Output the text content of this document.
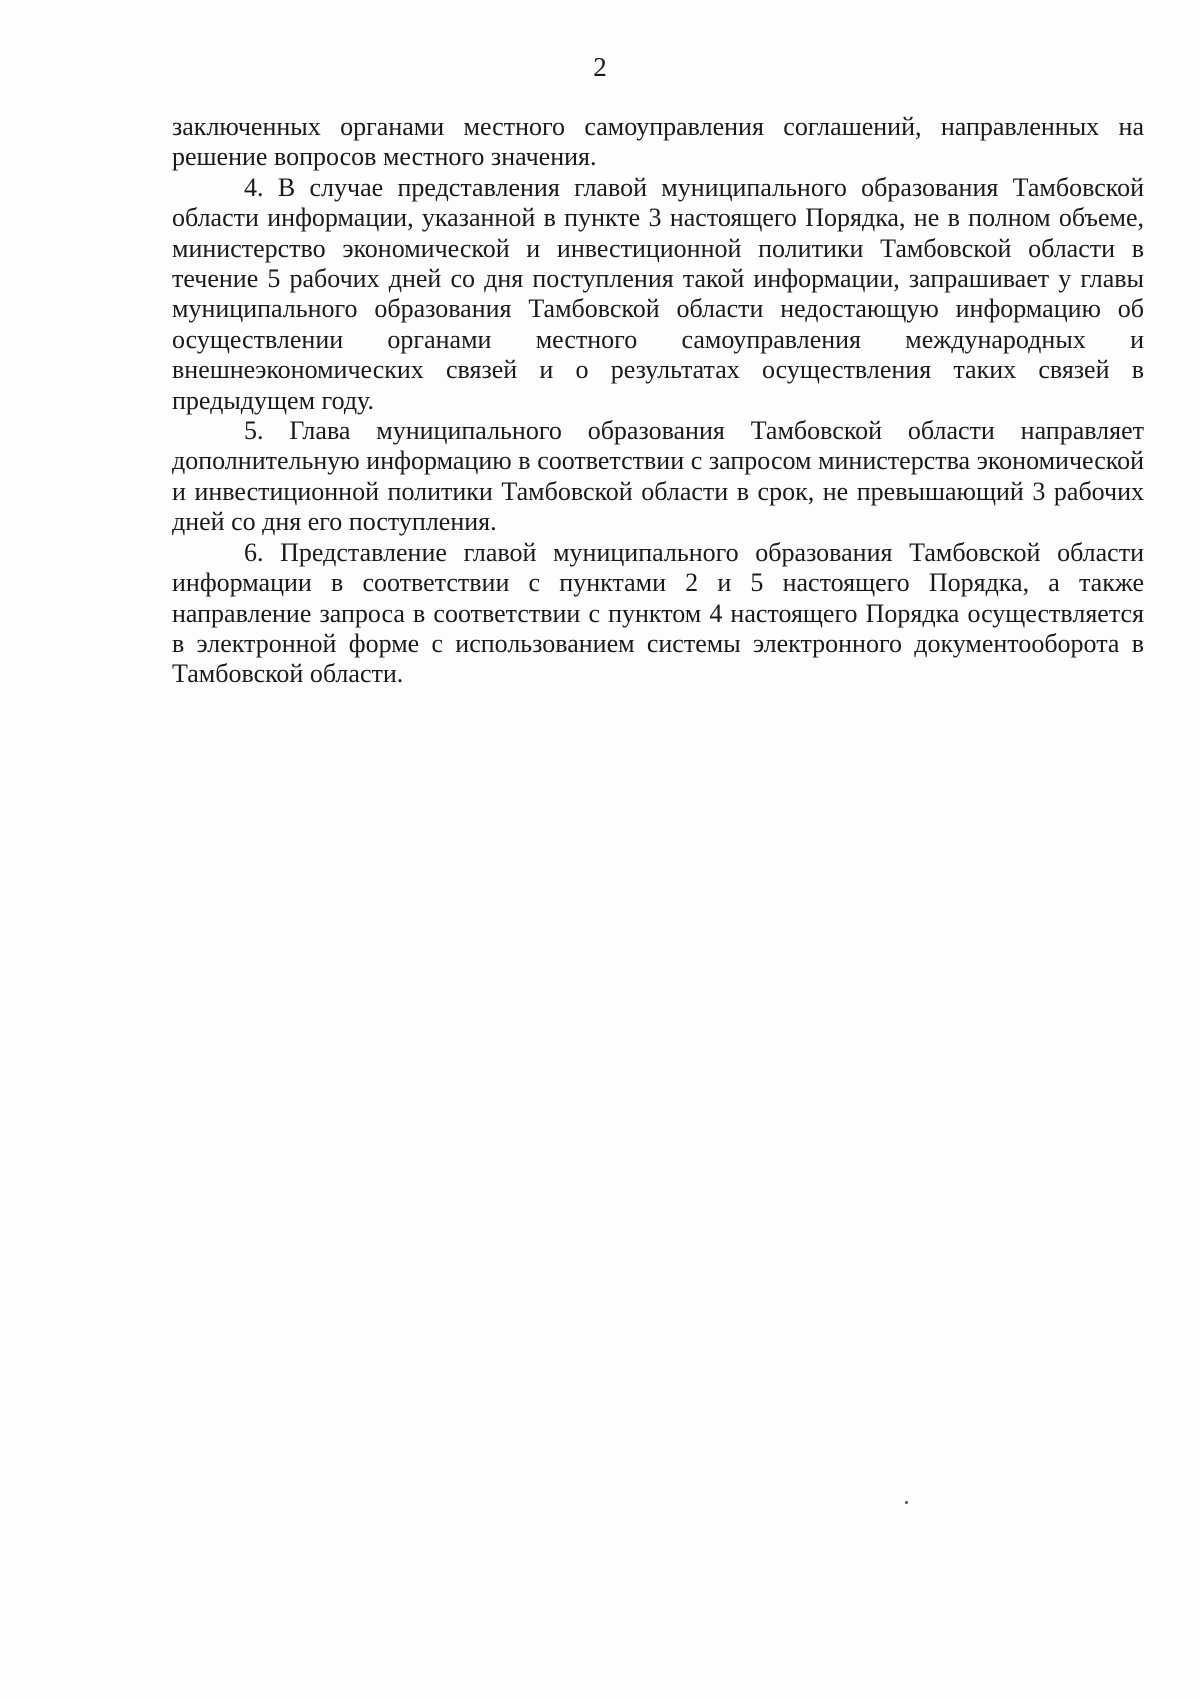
2

заключенных органами местного самоуправления соглашений, направленных на решение вопросов местного значения.

4. В случае представления главой муниципального образования Тамбовской области информации, указанной в пункте 3 настоящего Порядка, не в полном объеме, министерство экономической и инвестиционной политики Тамбовской области в течение 5 рабочих дней со дня поступления такой информации, запрашивает у главы муниципального образования Тамбовской области недостающую информацию об осуществлении органами местного самоуправления международных и внешнеэкономических связей и о результатах осуществления таких связей в предыдущем году.

5. Глава муниципального образования Тамбовской области направляет дополнительную информацию в соответствии с запросом министерства экономической и инвестиционной политики Тамбовской области в срок, не превышающий 3 рабочих дней со дня его поступления.

6. Представление главой муниципального образования Тамбовской области информации в соответствии с пунктами 2 и 5 настоящего Порядка, а также направление запроса в соответствии с пунктом 4 настоящего Порядка осуществляется в электронной форме с использованием системы электронного документооборота в Тамбовской области.
